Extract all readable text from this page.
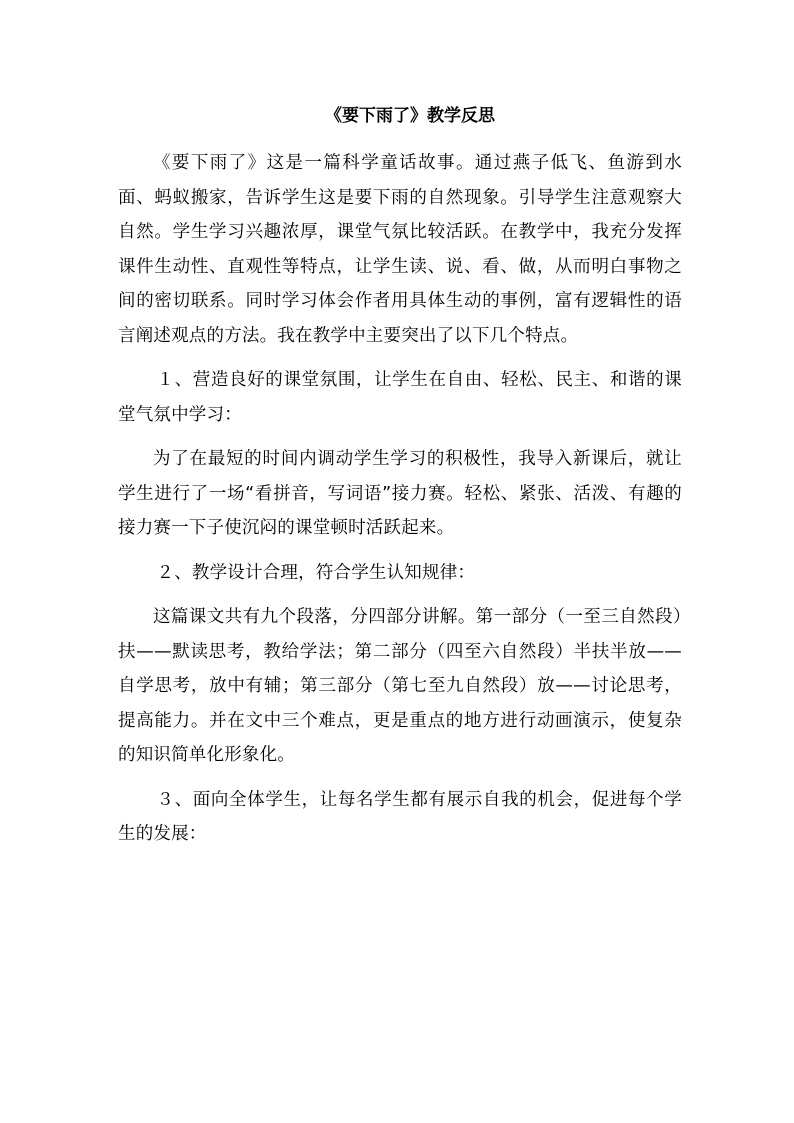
《要下雨了》教学反思

《要下雨了》这是一篇科学童话故事。通过燕子低飞、鱼游到水面、蚂蚁搬家，告诉学生这是要下雨的自然现象。引导学生注意观察大自然。学生学习兴趣浓厚，课堂气氛比较活跃。在教学中，我充分发挥课件生动性、直观性等特点，让学生读、说、看、做，从而明白事物之间的密切联系。同时学习体会作者用具体生动的事例，富有逻辑性的语言阐述观点的方法。我在教学中主要突出了以下几个特点。

１、营造良好的课堂氛围，让学生在自由、轻松、民主、和谐的课堂气氛中学习：

为了在最短的时间内调动学生学习的积极性，我导入新课后，就让学生进行了一场“看拼音，写词语”接力赛。轻松、紧张、活泼、有趣的接力赛一下子使沉闷的课堂顿时活跃起来。

２、教学设计合理，符合学生认知规律：

这篇课文共有九个段落，分四部分讲解。第一部分（一至三自然段）扶——默读思考，教给学法；第二部分（四至六自然段）半扶半放——自学思考，放中有辅；第三部分（第七至九自然段）放——讨论思考，提高能力。并在文中三个难点，更是重点的地方进行动画演示，使复杂的知识简单化形象化。

３、面向全体学生，让每名学生都有展示自我的机会，促进每个学生的发展：
